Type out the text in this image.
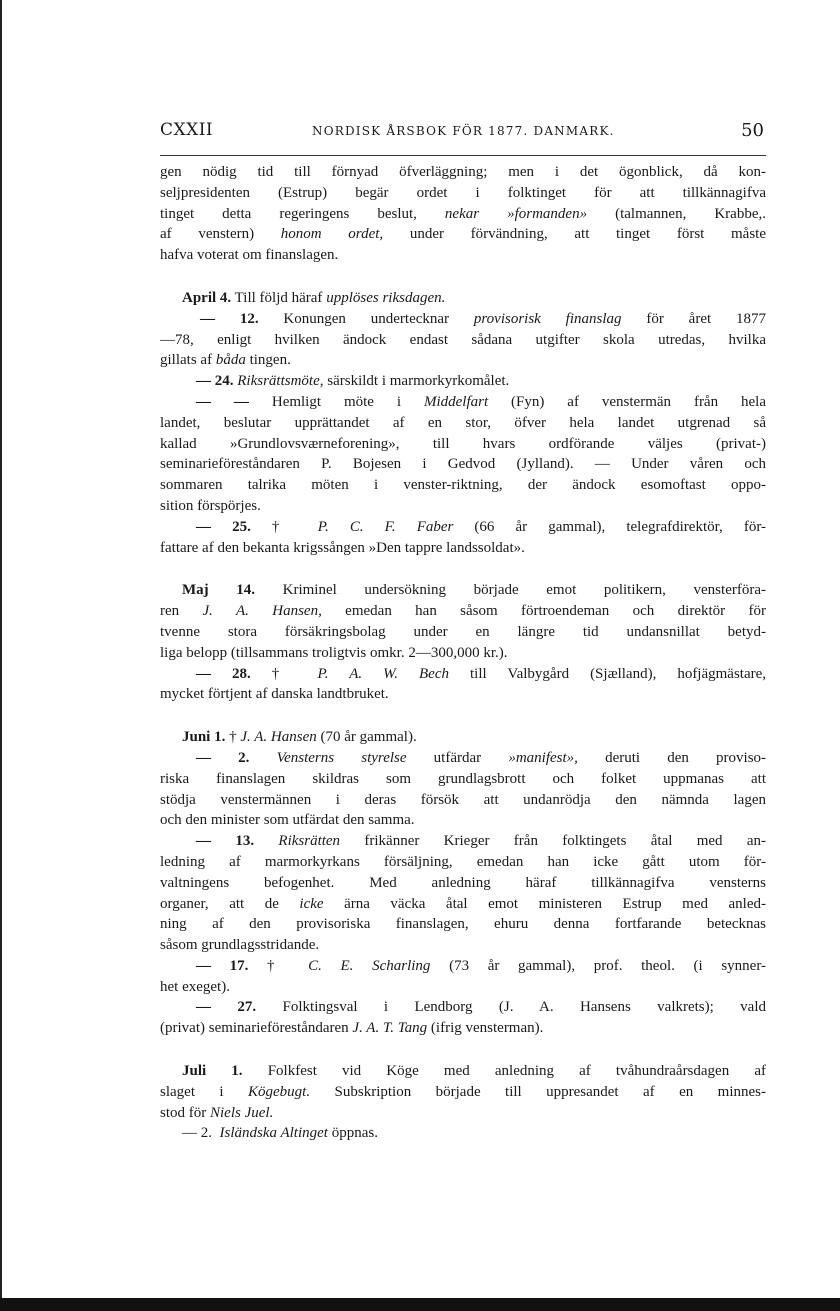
CXXII	NORDISK ÅRSBOK FÖR 1877. DANMARK.	50
gen nödig tid till förnyad öfverläggning; men i det ögonblick, då kon-
seljpresidenten (Estrup) begär ordet i folktinget för att tillkännagifva
tinget detta regeringens beslut, nekar »formanden» (talmannen, Krabbe,.
af venstern) honom ordet, under förvändning, att tinget först måste
hafva voterat om finanslagen.
April 4. Till följd häraf upplöses riksdagen.
— 12. Konungen undertecknar provisorisk finanslag för året 1877
—78, enligt hvilken ändock endast sådana utgifter skola utredas, hvilka
gillats af båda tingen.
— 24. Riksrättsmöte, särskildt i marmorkyrkomålet.
— — Hemligt möte i Middelfart (Fyn) af venstermän från hela
landet, beslutar upprättandet af en stor, öfver hela landet utgrenad så
kallad »Grundlovsværneforening», till hvars ordförande väljes (privat-)
seminarieföreståndaren P. Bojesen i Gedvod (Jylland). — Under våren och
sommaren talrika möten i venster-riktning, der ändock esomoftast oppo-
sition förspörjes.
— 25. † P. C. F. Faber (66 år gammal), telegrafdirektör, för-
fattare af den bekanta krigssången »Den tappre landssoldat».
Maj 14. Kriminel undersökning började emot politikern, vensterföra-
ren J. A. Hansen, emedan han såsom förtroendeman och direktör för
tvenne stora försäkringsbolag under en längre tid undansnillat betyd-
liga belopp (tillsammans troligtvis omkr. 2—300,000 kr.).
— 28. † P. A. W. Bech till Valbygård (Sjælland), hofjägmästare,
mycket förtjent af danska landtbruket.
Juni 1. † J. A. Hansen (70 år gammal).
— 2. Vensterns styrelse utfärdar »manifest», deruti den proviso-
riska finanslagen skildras som grundlagsbrott och folket uppmanas att
stödja venstermännen i deras försök att undanrödja den nämnda lagen
och den minister som utfärdat den samma.
— 13. Riksrätten frikänner Krieger från folktingets åtal med an-
ledning af marmorkyrkans försäljning, emedan han icke gått utom för-
valtningens befogenhet. Med anledning häraf tillkännagifva vensterns
organer, att de icke ärna väcka åtal emot ministeren Estrup med anled-
ning af den provisoriska finanslagen, ehuru denna fortfarande betecknas
såsom grundlagsstridande.
— 17. † C. E. Scharling (73 år gammal), prof. theol. (i synner-
het exeget).
— 27. Folktingsval i Lendborg (J. A. Hansens valkrets); vald
(privat) seminarieföreståndaren J. A. T. Tang (ifrig vensterman).
Juli 1. Folkfest vid Köge med anledning af tvåhundraårsdagen af
slaget i Kögebugt. Subskription började till uppresandet af en minnes-
stod för Niels Juel.
— 2. Isländska Altinget öppnas.
